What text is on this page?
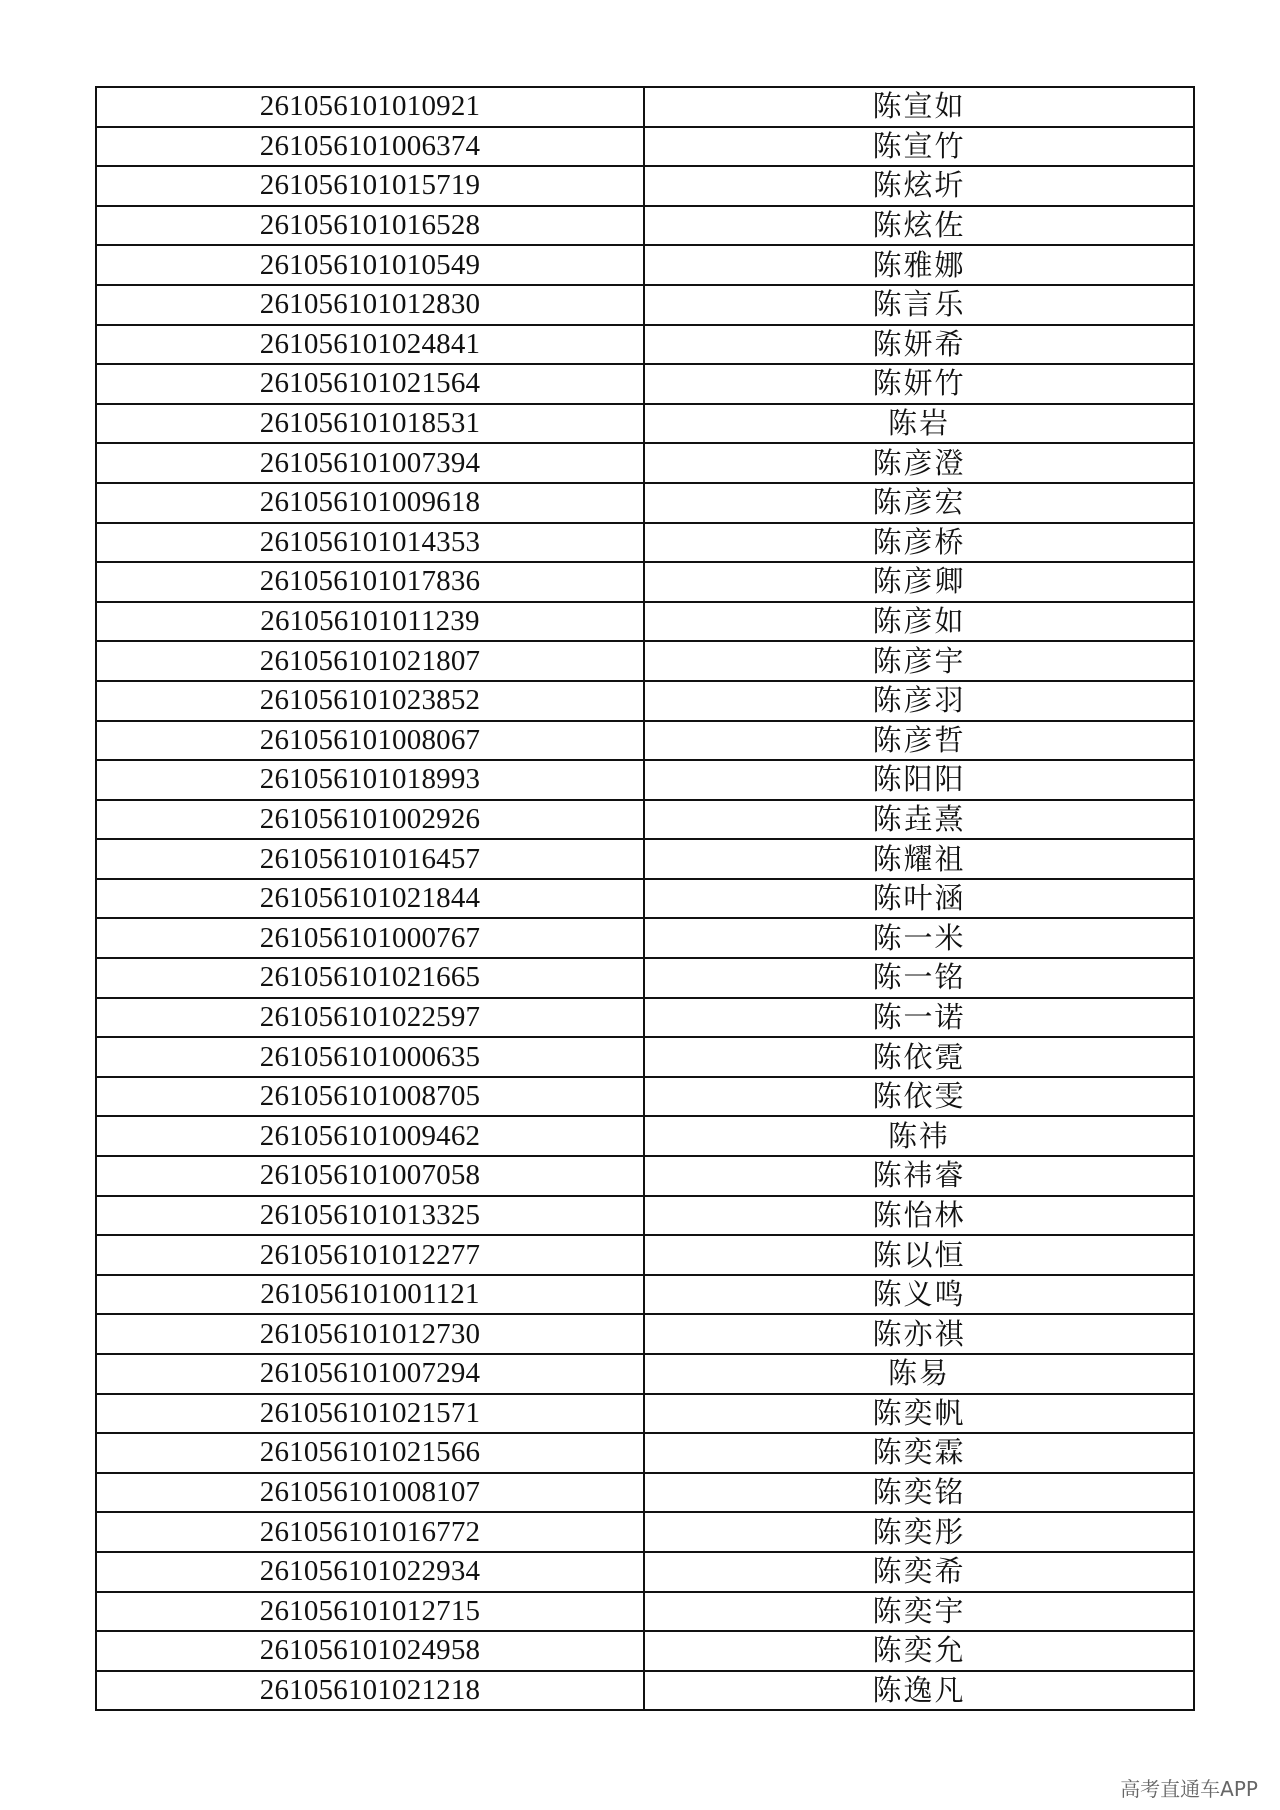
261056101010921	陈宣如
261056101006374	陈宣竹
261056101015719	陈炫圻
261056101016528	陈炫佐
261056101010549	陈雅娜
261056101012830	陈言乐
261056101024841	陈妍希
261056101021564	陈妍竹
261056101018531	陈岩
261056101007394	陈彦澄
261056101009618	陈彦宏
261056101014353	陈彦桥
261056101017836	陈彦卿
261056101011239	陈彦如
261056101021807	陈彦宇
261056101023852	陈彦羽
261056101008067	陈彦哲
261056101018993	陈阳阳
261056101002926	陈垚熹
261056101016457	陈耀祖
261056101021844	陈叶涵
261056101000767	陈一米
261056101021665	陈一铭
261056101022597	陈一诺
261056101000635	陈依霓
261056101008705	陈依雯
261056101009462	陈祎
261056101007058	陈祎睿
261056101013325	陈怡林
261056101012277	陈以恒
261056101001121	陈义鸣
261056101012730	陈亦祺
261056101007294	陈易
261056101021571	陈奕帆
261056101021566	陈奕霖
261056101008107	陈奕铭
261056101016772	陈奕彤
261056101022934	陈奕希
261056101012715	陈奕宇
261056101024958	陈奕允
261056101021218	陈逸凡
高考直通车APP
